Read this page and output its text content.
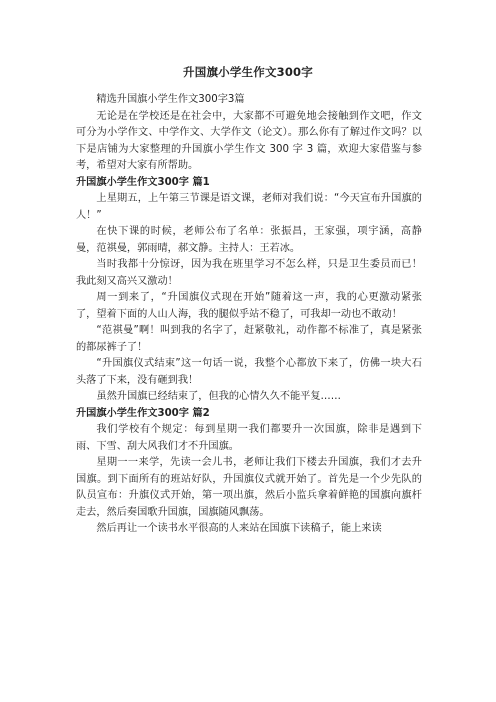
升国旗小学生作文300字

精选升国旗小学生作文300字3篇

无论是在学校还是在社会中，大家都不可避免地会接触到作文吧，作文可分为小学作文、中学作文、大学作文（论文）。那么你有了解过作文吗？以下是店铺为大家整理的升国旗小学生作文 300 字 3 篇，欢迎大家借鉴与参考，希望对大家有所帮助。

升国旗小学生作文300字 篇1

上星期五，上午第三节课是语文课，老师对我们说：“今天宣布升国旗的人！”

在快下课的时候，老师公布了名单：张振昌，王家强，项宇涵，高静曼，范祺曼，郭雨晴，郝文静。主持人：王若冰。

当时我都十分惊讶，因为我在班里学习不怎么样，只是卫生委员而已！我此刻又高兴又激动！

周一到来了，“升国旗仪式现在开始”随着这一声，我的心更激动紧张了，望着下面的人山人海，我的腿似乎站不稳了，可我却一动也不敢动！

“范祺曼”啊！叫到我的名字了，赶紧敬礼，动作都不标准了，真是紧张的都尿裤子了！

“升国旗仪式结束”这一句话一说，我整个心都放下来了，仿佛一块大石头落了下来，没有砸到我！

虽然升国旗已经结束了，但我的心情久久不能平复……

升国旗小学生作文300字 篇2

我们学校有个规定：每到星期一我们都要升一次国旗，除非是遇到下雨、下雪、刮大风我们才不升国旗。

星期一一来学，先读一会儿书，老师让我们下楼去升国旗，我们才去升国旗。到下面所有的班站好队，升国旗仪式就开始了。首先是一个少先队的队员宣布：升旗仪式开始，第一项出旗，然后小监兵拿着鲜艳的国旗向旗杆走去，然后奏国歌升国旗，国旗随风飘荡。

然后再让一个读书水平很高的人来站在国旗下读稿子，能上来读
